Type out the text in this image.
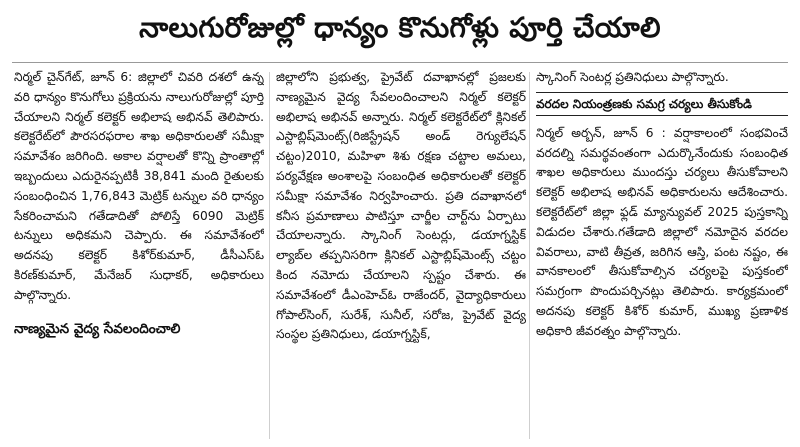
నాలుగురోజుల్లో ధాన్యం కొనుగోళ్లు పూర్తి చేయాలి

నిర్మల్ చైన్‌గేట్, జూన్ 6: జిల్లాలో చివరి దశలో ఉన్న వరి ధాన్యం కొనుగోలు ప్రక్రియను నాలుగురోజుల్లో పూర్తి చేయాలని నిర్మల్ కలెక్టర్ అభిలాష అభినవ్ తెలిపారు. కలెక్టరేట్‌లో పౌరసరఫరాల శాఖ అధికారులతో సమీక్షా సమావేశం జరిగింది. అకాల వర్షాలతో కొన్ని ప్రాంతాల్లో ఇబ్బందులు ఎదురైనప్పటికీ 38,841 మంది రైతులకు సంబంధించిన 1,76,843 మెట్రిక్ టన్నుల వరి ధాన్యం సేకరించామని గతేడాదితో పోలిస్తే 6090 మెట్రిక్ టన్నులు అధికమని చెప్పారు. ఈ సమావేశంలో అదనపు కలెక్టర్ కిశోర్‌కుమార్, డీసీఎస్‌ఓ కిరణ్‌కుమార్, మేనేజర్ సుధాకర్, అధికారులు పాల్గొన్నారు.

నాణ్యమైన వైద్య సేవలందించాలి

జిల్లాలోని ప్రభుత్వ, ప్రైవేట్ దవాఖానల్లో ప్రజలకు నాణ్యమైన వైద్య సేవలందించాలని నిర్మల్ కలెక్టర్ అభిలాష అభినవ్ అన్నారు. నిర్మల్ కలెక్టరేట్‌లో క్లినికల్ ఎస్టాబ్లిష్‌మెంట్స్(రిజిస్ట్రేషన్ అండ్ రెగ్యులేషన్ చట్టం)2010, మహిళా శిశు రక్షణ చట్టాల అమలు, పర్యవేక్షణ అంశాలపై సంబంధిత అధికారులతో కలెక్టర్ సమీక్షా సమావేశం నిర్వహించారు. ప్రతి దవాఖానలో కనీస ప్రమాణాలు పాటిస్తూ చార్జీల చార్ట్‌ను ఏర్పాటు చేయాలన్నారు. స్కానింగ్ సెంటర్లు, డయాగ్నస్టిక్ ల్యాబ్‌ల తప్పనిసరిగా క్లినికల్ ఎస్టాబ్లిష్‌మెంట్స్ చట్టం కింద నమోదు చేయాలని స్పష్టం చేశారు. ఈ సమావేశంలో డీఎంహెచ్‌ఓ రాజేందర్, వైద్యాధికారులు గోపాల్‌సింగ్, సురేశ్, సునీల్, సరోజ, ప్రైవేట్ వైద్య సంస్థల ప్రతినిధులు, డయాగ్నస్టిక్,

స్కానింగ్ సెంటర్ల ప్రతినిధులు పాల్గొన్నారు.

వరదల నియంత్రణకు సమగ్ర చర్యలు తీసుకోండి

నిర్మల్ అర్బన్, జూన్ 6 : వర్షాకాలంలో సంభవించే వరదల్ని సమర్థవంతంగా ఎదుర్కొనేందుకు సంబంధిత శాఖల అధికారులు ముందస్తు చర్యలు తీసుకోవాలని కలెక్టర్ అభిలాష అభినవ్ అధికారులను ఆదేశించారు. కలెక్టరేట్‌లో జిల్లా ఫ్లడ్ మ్యాన్యువల్ 2025 పుస్తకాన్ని విడుదల చేశారు.గతేడాది జిల్లాలో నమోదైన వరదల వివరాలు, వాటి తీవ్రత, జరిగిన ఆస్తి, పంట నష్టం, ఈ వానకాలంలో తీసుకోవాల్సిన చర్యలపై పుస్తకంలో సమగ్రంగా పొందుపర్చినట్లు తెలిపారు. కార్యక్రమంలో అదనపు కలెక్టర్ కిశోర్ కుమార్, ముఖ్య ప్రణాళిక అధికారి జీవరత్నం పాల్గొన్నారు.
